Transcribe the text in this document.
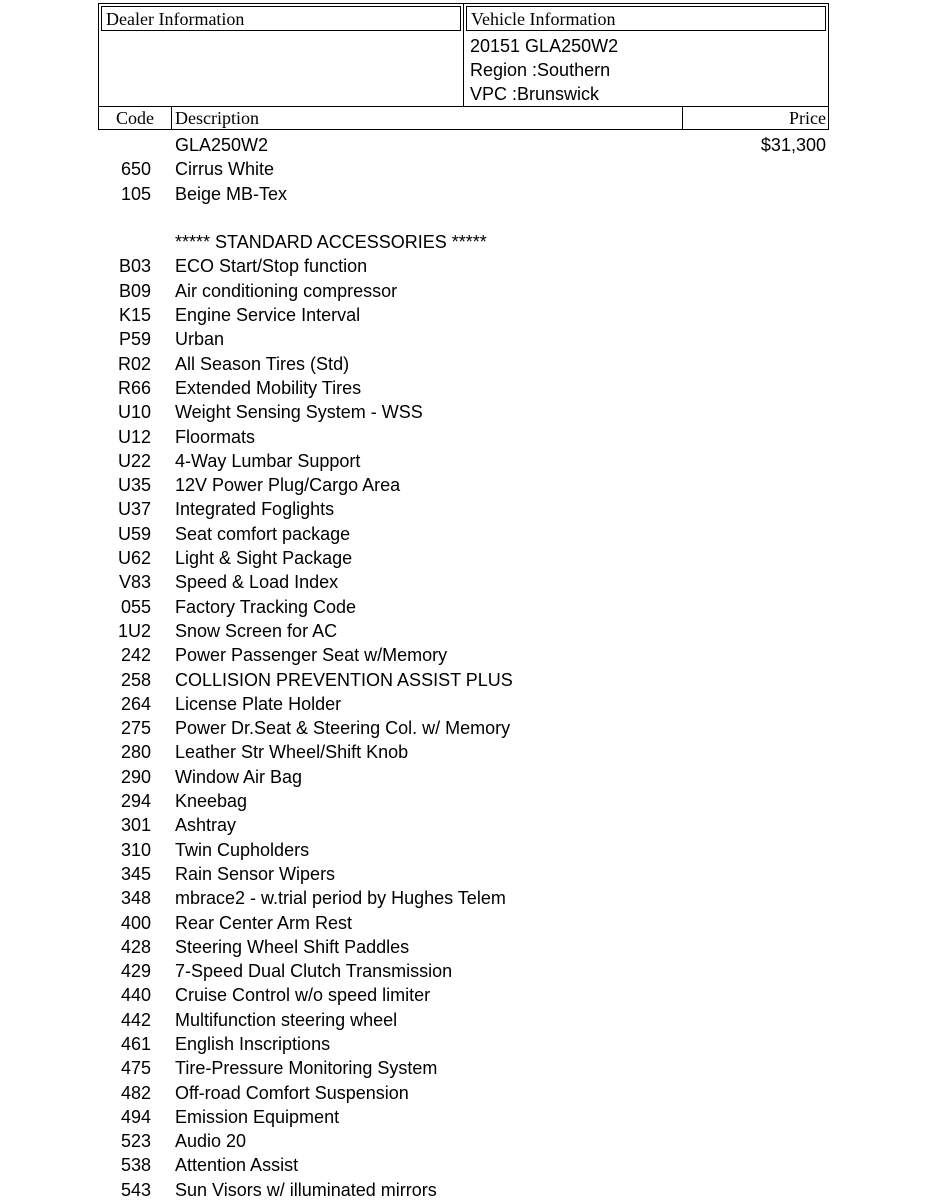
Dealer Information	Vehicle Information
20151 GLA250W2
Region :Southern
VPC :Brunswick
Code	Description	Price
GLA250W2	$31,300
650 Cirrus White
105 Beige MB-Tex
***** STANDARD ACCESSORIES *****
B03 ECO Start/Stop function
B09 Air conditioning compressor
K15 Engine Service Interval
P59 Urban
R02 All Season Tires (Std)
R66 Extended Mobility Tires
U10 Weight Sensing System - WSS
U12 Floormats
U22 4-Way Lumbar Support
U35 12V Power Plug/Cargo Area
U37 Integrated Foglights
U59 Seat comfort package
U62 Light & Sight Package
V83 Speed & Load Index
055 Factory Tracking Code
1U2 Snow Screen for AC
242 Power Passenger Seat w/Memory
258 COLLISION PREVENTION ASSIST PLUS
264 License Plate Holder
275 Power Dr.Seat & Steering Col. w/ Memory
280 Leather Str Wheel/Shift Knob
290 Window Air Bag
294 Kneebag
301 Ashtray
310 Twin Cupholders
345 Rain Sensor Wipers
348 mbrace2 - w.trial period by Hughes Telem
400 Rear Center Arm Rest
428 Steering Wheel Shift Paddles
429 7-Speed Dual Clutch Transmission
440 Cruise Control w/o speed limiter
442 Multifunction steering wheel
461 English Inscriptions
475 Tire-Pressure Monitoring System
482 Off-road Comfort Suspension
494 Emission Equipment
523 Audio 20
538 Attention Assist
543 Sun Visors w/ illuminated mirrors
